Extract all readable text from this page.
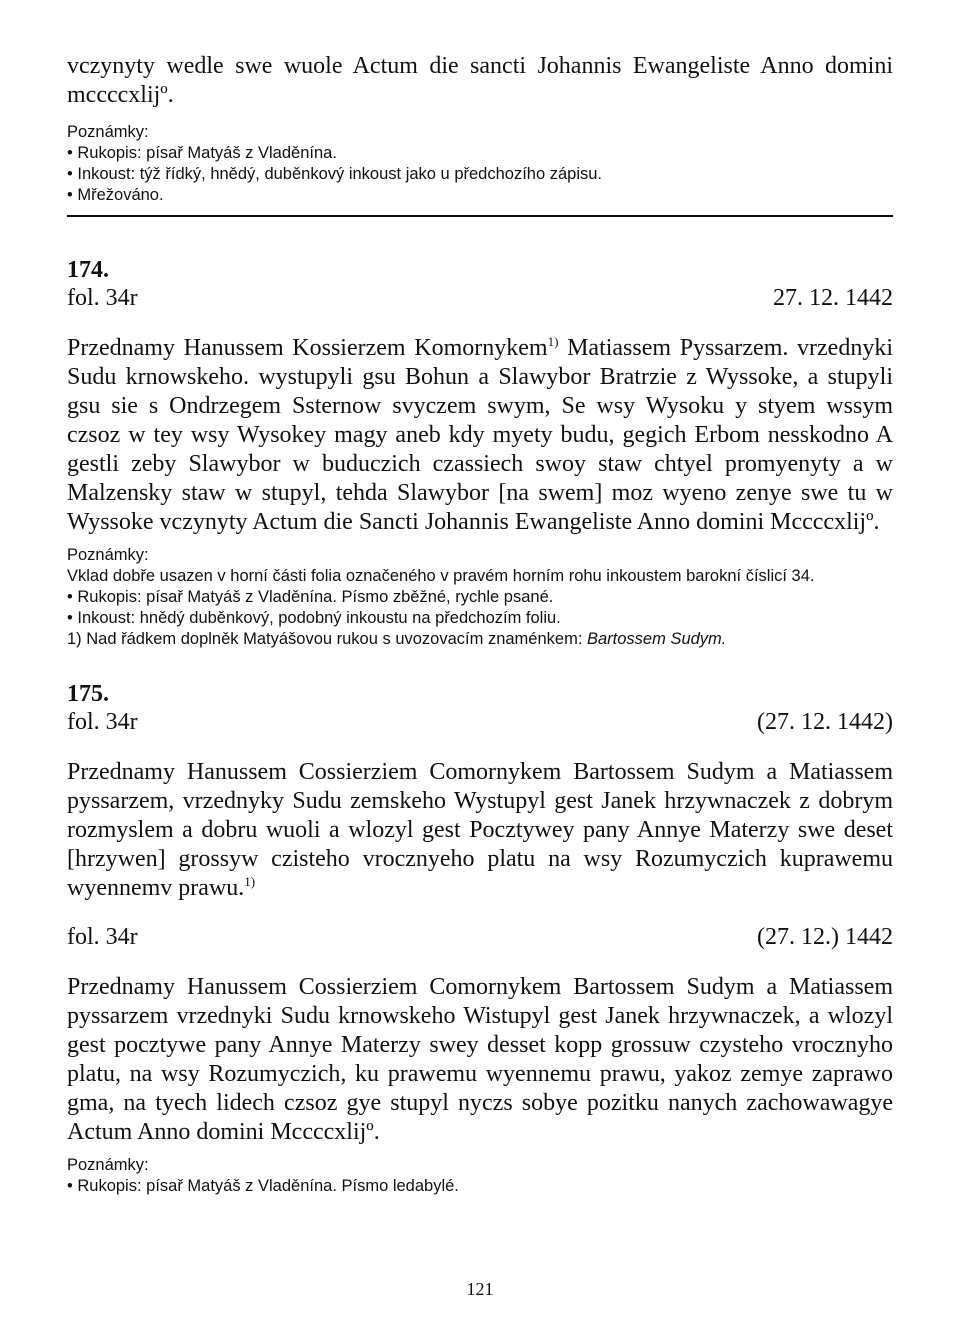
vczynyty wedle swe wuole Actum die sancti Johannis Ewangeliste Anno domini mcccсxlijº.

Poznámky:

• Rukopis: písař Matyáš z Vladěnína.

• Inkoust: týž řídký, hnědý, duběnkový inkoust jako u předchozího zápisu.

• Mřežováno.

174.

fol. 34r	27. 12. 1442

Przednamy Hanussem Kossierzem Komornykem$^{1)}$ Matiassem Pyssarzem. vrzednyki Sudu krnowskeho. wystupyli gsu Bohun a Slawybor Bratrzie z Wyssoke, a stupyli gsu sie s Ondrzegem Ssternow svyczem swym, Se wsy Wysoku y styem wssym czsoz w tey wsy Wysokey magy aneb kdy myety budu, gegich Erbom nesskodno A gestli zeby Slawybor w buduczich czassiech swoy staw chtyel promyenyty a w Malzensky staw w stupyl, tehda Slawybor [na swem] moz wyeno zenye swe tu w Wyssoke vczynyty Actum die Sancti Johannis Ewangeliste Anno domini Mccccxlijº.

Poznámky:

Vklad dobře usazen v horní části folia označeného v pravém horním rohu inkoustem barokní číslicí 34.

• Rukopis: písař Matyáš z Vladěnína. Písmo zběžné, rychle psané.

• Inkoust: hnědý duběnkový, podobný inkoustu na předchozím foliu.

1) Nad řádkem doplněk Matyášovou rukou s uvozovacím znaménkem: Bartossem Sudym.

175.

fol. 34r	(27. 12. 1442)

Przednamy Hanussem Cossierziem Comornykem Bartossem Sudym a Matiassem pyssarzem, vrzednyky Sudu zemskeho Wystupyl gest Janek hrzywnaczek z dobrym rozmyslem a dobru wuoli a wlozyl gest Pocztywey pany Annye Materzy swe deset [hrzywen] grossyw czisteho vrocznyeho platu na wsy Rozumyczich kuprawemu wyennemv prawu.$^{1)}$

fol. 34r	(27. 12.) 1442

Przednamy Hanussem Cossierziem Comornykem Bartossem Sudym a Matiassem pyssarzem vrzednyki Sudu krnowskeho Wistupyl gest Janek hrzywnaczek, a wlozyl gest pocztywe pany Annye Materzy swey desset kopp grossuw czysteho vrocznyho platu, na wsy Rozumyczich, ku prawemu wyennemu prawu, yakoz zemye zaprawo gma, na tyech lidech czsoz gye stupyl nyczs sobye pozitku nanych zachowawagye Actum Anno domini Mccccxlijº.

Poznámky:

• Rukopis: písař Matyáš z Vladěnína. Písmo ledabylé.

121
